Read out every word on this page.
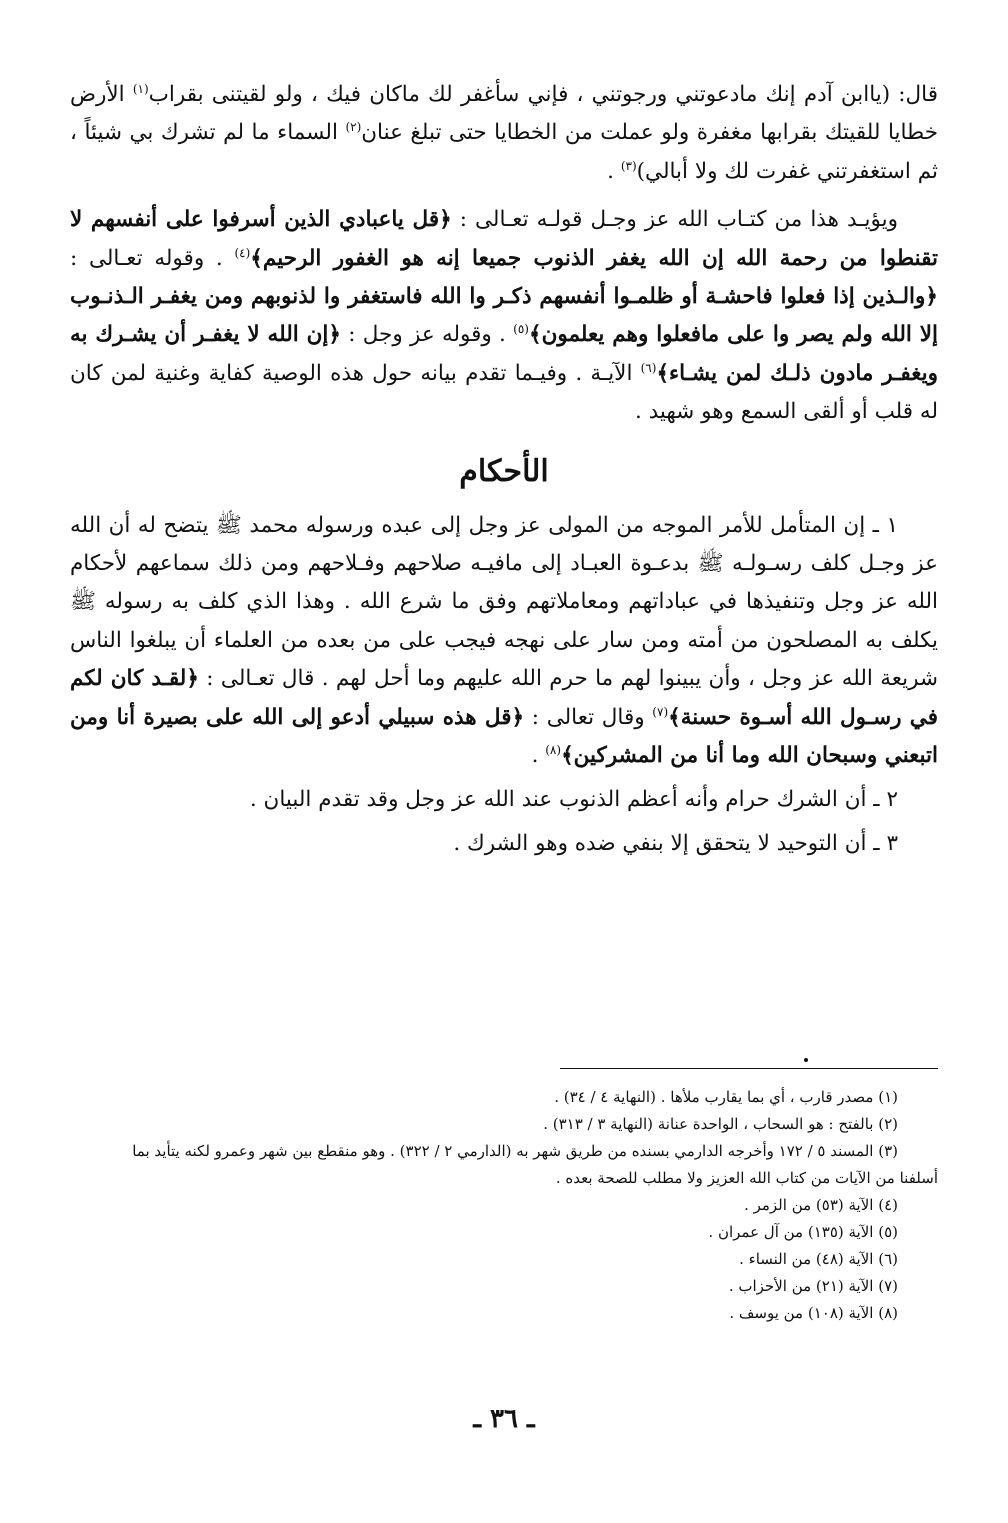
قال: (ياابن آدم إنك مادعوتني ورجوتني ، فإني سأغفر لك ماكان فيك ، ولو لقيتنى بقراب$^{(١)}$ الأرض خطايا للقيتك بقرابها مغفرة ولو عملت من الخطايا حتى تبلغ عنان$^{(٢)}$ السماء ما لم تشرك بي شيئاً ، ثم استغفرتني غفرت لك ولا أبالي)$^{(٣)}$ .

ويؤيـد هذا من كتـاب الله عز وجـل قولـه تعـالى : ﴿قل ياعبادي الذين أسرفوا على أنفسهم لا تقنطوا من رحمة الله إن الله يغفر الذنوب جميعا إنه هو الغفور الرحيم﴾$^{(٤)}$ . وقوله تعـالى : ﴿والـذين إذا فعلوا فاحشـة أو ظلمـوا أنفسهم ذكـر وا الله فاستغفر وا لذنوبهم ومن يغفـر الـذنـوب إلا الله ولم يصر وا على مافعلوا وهم يعلمون﴾$^{(٥)}$ . وقوله عز وجل : ﴿إن الله لا يغفـر أن يشـرك به ويغفـر مادون ذلـك لمن يشـاء﴾$^{(٦)}$ الآيـة . وفيـما تقدم بيانه حول هذه الوصية كفاية وغنية لمن كان له قلب أو ألقى السمع وهو شهيد .

الأحكام

١ ـ إن المتأمل للأمر الموجه من المولى عز وجل إلى عبده ورسوله محمد ﷺ يتضح له أن الله عز وجـل كلف رسـولـه ﷺ بدعـوة العبـاد إلى مافيـه صلاحهم وفـلاحهم ومن ذلك سماعهم لأحكام الله عز وجل وتنفيذها في عباداتهم ومعاملاتهم وفق ما شرع الله . وهذا الذي كلف به رسوله ﷺ يكلف به المصلحون من أمته ومن سار على نهجه فيجب على من بعده من العلماء أن يبلغوا الناس شريعة الله عز وجل ، وأن يبينوا لهم ما حرم الله عليهم وما أحل لهم . قال تعـالى : ﴿لقـد كان لكم في رسـول الله أسـوة حسنة﴾$^{(٧)}$ وقال تعالى : ﴿قل هذه سبيلي أدعو إلى الله على بصيرة أنا ومن اتبعني وسبحان الله وما أنا من المشركين﴾$^{(٨)}$ .

٢ ـ أن الشرك حرام وأنه أعظم الذنوب عند الله عز وجل وقد تقدم البيان .

٣ ـ أن التوحيد لا يتحقق إلا بنفي ضده وهو الشرك .

(١) مصدر قارب ، أي بما يقارب ملأها . (النهاية ٤ / ٣٤) .

(٢) بالفتح : هو السحاب ، الواحدة عنانة (النهاية ٣ / ٣١٣) .

(٣) المسند ٥ / ١٧٢ وأخرجه الدارمي بسنده من طريق شهر به (الدارمي ٢ / ٣٢٢) . وهو منقطع بين شهر وعمرو لكنه يتأيد بما

أسلفنا من الآيات من كتاب الله العزيز ولا مطلب للصحة بعده .

(٤) الآية (٥٣) من الزمر .

(٥) الآية (١٣٥) من آل عمران .

(٦) الآية (٤٨) من النساء .

(٧) الآية (٢١) من الأحزاب .

(٨) الآية (١٠٨) من يوسف .

ـ ٣٦ ـ
